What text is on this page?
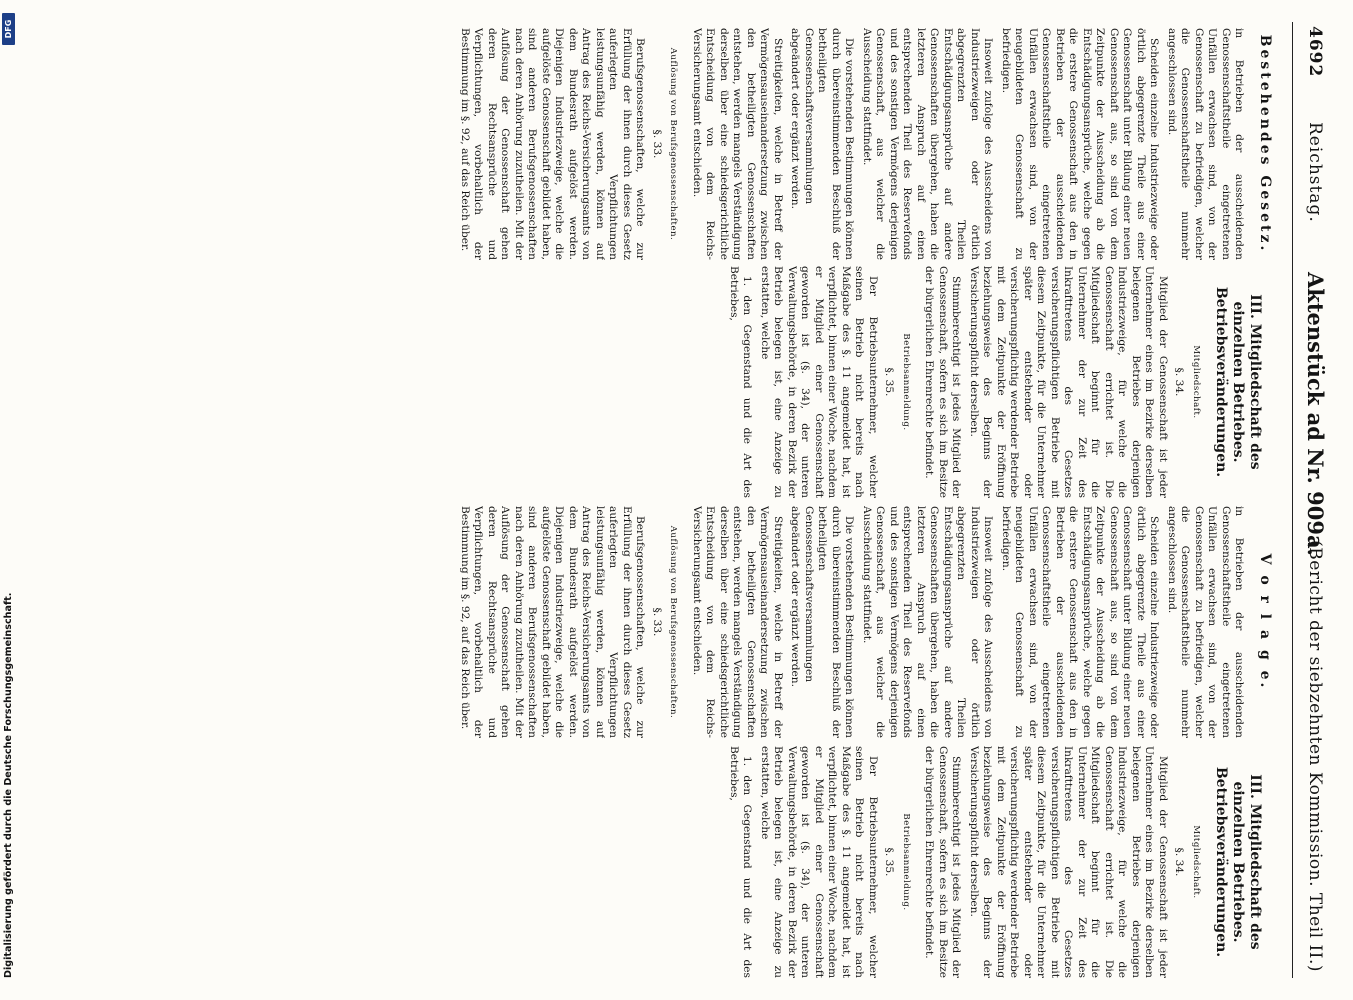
4692
Reichstag.
Aktenstück ad Nr. 909a.
(Bericht der siebzehnten Kommission. Theil II.)
Bestehendes Gesetz.

in Betrieben der ausscheidenden Genossenschaftstheile eingetretenen Unfällen erwachsen sind, von der Genossenschaft zu befriedigen, welcher die Genossenschaftstheile nunmehr angeschlossen sind.

Scheiden einzelne Industriezweige oder örtlich abgegrenzte Theile aus einer Genossenschaft unter Bildung einer neuen Genossenschaft aus, so sind von dem Zeitpunkte der Ausscheidung ab die Entschädigungsansprüche, welche gegen die erstere Genossenschaft aus den in Betrieben der ausscheidenden Genossenschaftstheile eingetretenen Unfällen erwachsen sind, von der neugebildeten Genossenschaft zu befriedigen.

Insoweit zufolge des Ausscheidens von Industriezweigen oder örtlich abgegrenzten Theilen Entschädigungsansprüche auf andere Genossenschaften übergehen, haben die letzteren Anspruch auf einen entsprechenden Theil des Reservefonds und des sonstigen Vermögens derjenigen Genossenschaft, aus welcher die Ausscheidung stattfindet.

Die vorstehenden Bestimmungen können durch übereinstimmenden Beschluß der betheiligten Genossenschaftsversammlungen abgeändert oder ergänzt werden.

Streitigkeiten, welche in Betreff der Vermögensauseinandersetzung zwischen den betheiligten Genossenschaften entstehen, werden mangels Verständigung derselben über eine schiedsgerichtliche Entscheidung von dem Reichs-Versicherungsamt entschieden.

Auflösung von Berufsgenossenschaften.
§. 33.

Berufsgenossenschaften, welche zur Erfüllung der ihnen durch dieses Gesetz auferlegten Verpflichtungen leistungsunfähig werden, können auf Antrag des Reichs-Versicherungsamts von dem Bundesrath aufgelöst werden. Diejenigen Industriezweige, welche die aufgelöste Genossenschaft gebildet haben, sind anderen Berufsgenossenschaften nach deren Anhörung zuzutheilen. Mit der Auflösung der Genossenschaft gehen deren Rechtsansprüche und Verpflichtungen, vorbehaltlich der Bestimmung im §. 92, auf das Reich über.

III. Mitgliedschaft des einzelnen Betriebes.
Betriebsveränderungen.
Mitgliedschaft.
§. 34.

Mitglied der Genossenschaft ist jeder Unternehmer eines im Bezirke derselben belegenen Betriebes derjenigen Industriezweige, für welche die Genossenschaft errichtet ist. Die Mitgliedschaft beginnt für die Unternehmer der zur Zeit des Inkrafttretens des Gesetzes versicherungspflichtigen Betriebe mit diesem Zeitpunkte, für die Unternehmer später entstehender oder versicherungspflichtig werdender Betriebe mit dem Zeitpunkte der Eröffnung beziehungsweise des Beginns der Versicherungspflicht derselben.

Stimmberechtigt ist jedes Mitglied der Genossenschaft, sofern es sich im Besitze der bürgerlichen Ehrenrechte befindet.

Betriebsanmeldung.
§. 35.

Der Betriebsunternehmer, welcher seinen Betrieb nicht bereits nach Maßgabe des §. 11 angemeldet hat, ist verpflichtet, binnen einer Woche, nachdem er Mitglied einer Genossenschaft geworden ist (§. 34), der unteren Verwaltungsbehörde, in deren Bezirk der Betrieb belegen ist, eine Anzeige zu erstatten, welche

1. den Gegenstand und die Art des Betriebes,

V o r l a g e.

in Betrieben der ausscheidenden Genossenschaftstheile eingetretenen Unfällen erwachsen sind, von der Genossenschaft zu befriedigen, welcher die Genossenschaftstheile nunmehr angeschlossen sind.

Scheiden einzelne Industriezweige oder örtlich abgegrenzte Theile aus einer Genossenschaft unter Bildung einer neuen Genossenschaft aus, so sind von dem Zeitpunkte der Ausscheidung ab die Entschädigungsansprüche, welche gegen die erstere Genossenschaft aus den in Betrieben der ausscheidenden Genossenschaftstheile eingetretenen Unfällen erwachsen sind, von der neugebildeten Genossenschaft zu befriedigen.

Insoweit zufolge des Ausscheidens von Industriezweigen oder örtlich abgegrenzten Theilen Entschädigungsansprüche auf andere Genossenschaften übergehen, haben die letzteren Anspruch auf einen entsprechenden Theil des Reservefonds und des sonstigen Vermögens derjenigen Genossenschaft, aus welcher die Ausscheidung stattfindet.

Die vorstehenden Bestimmungen können durch übereinstimmenden Beschluß der betheiligten Genossenschaftsversammlungen abgeändert oder ergänzt werden.

Streitigkeiten, welche in Betreff der Vermögensauseinandersetzung zwischen den betheiligten Genossenschaften entstehen, werden mangels Verständigung derselben über eine schiedsgerichtliche Entscheidung von dem Reichs-Versicherungsamt entschieden.

Auflösung von Berufsgenossenschaften.
§. 33.

Berufsgenossenschaften, welche zur Erfüllung der ihnen durch dieses Gesetz auferlegten Verpflichtungen leistungsunfähig werden, können auf Antrag des Reichs-Versicherungsamts von dem Bundesrath aufgelöst werden. Diejenigen Industriezweige, welche die aufgelöste Genossenschaft gebildet haben, sind anderen Berufsgenossenschaften nach deren Anhörung zuzutheilen. Mit der Auflösung der Genossenschaft gehen deren Rechtsansprüche und Verpflichtungen, vorbehaltlich der Bestimmung im §. 92, auf das Reich über.

III. Mitgliedschaft des einzelnen Betriebes.
Betriebsveränderungen.
Mitgliedschaft.
§. 34.

Mitglied der Genossenschaft ist jeder Unternehmer eines im Bezirke derselben belegenen Betriebes derjenigen Industriezweige, für welche die Genossenschaft errichtet ist. Die Mitgliedschaft beginnt für die Unternehmer der zur Zeit des Inkrafttretens des Gesetzes versicherungspflichtigen Betriebe mit diesem Zeitpunkte, für die Unternehmer später entstehender oder versicherungspflichtig werdender Betriebe mit dem Zeitpunkte der Eröffnung beziehungsweise des Beginns der Versicherungspflicht derselben.

Stimmberechtigt ist jedes Mitglied der Genossenschaft, sofern es sich im Besitze der bürgerlichen Ehrenrechte befindet.

Betriebsanmeldung.
§. 35.

Der Betriebsunternehmer, welcher seinen Betrieb nicht bereits nach Maßgabe des §. 11 angemeldet hat, ist verpflichtet, binnen einer Woche, nachdem er Mitglied einer Genossenschaft geworden ist (§. 34), der unteren Verwaltungsbehörde, in deren Bezirk der Betrieb belegen ist, eine Anzeige zu erstatten, welche

1. den Gegenstand und die Art des Betriebes,

Digitalisierung gefördert durch die Deutsche Forschungsgemeinschaft.
DFG
